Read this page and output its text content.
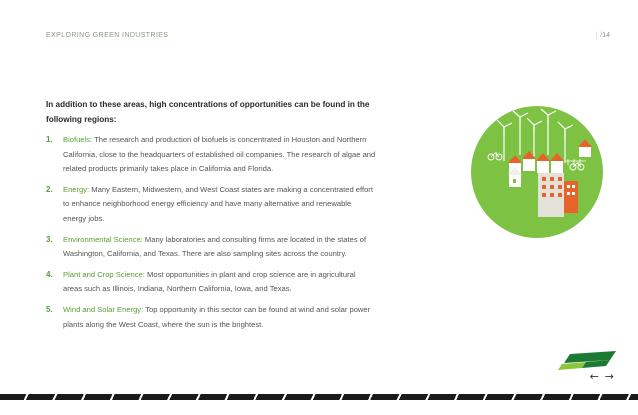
EXPLORING GREEN INDUSTRIES	| /14

In addition to these areas, high concentrations of opportunities can be found in the following regions:

1.	Biofuels: The research and production of biofuels is concentrated in Houston and Northern California, close to the headquarters of established oil companies. The research of algae and related products primarily takes place in California and Florida.
2.	Energy: Many Eastern, Midwestern, and West Coast states are making a concentrated effort to enhance neighborhood energy efficiency and have many alternative and renewable energy jobs.
3.	Environmental Science: Many laboratories and consulting firms are located in the states of Washington, California, and Texas. There are also sampling sites across the country.
4.	Plant and Crop Science: Most opportunities in plant and crop science are in agricultural areas such as Illinois, Indiana, Northern California, Iowa, and Texas.
5.	Wind and Solar Energy: Top opportunity in this sector can be found at wind and solar power plants along the West Coast, where the sun is the brightest.
← →
